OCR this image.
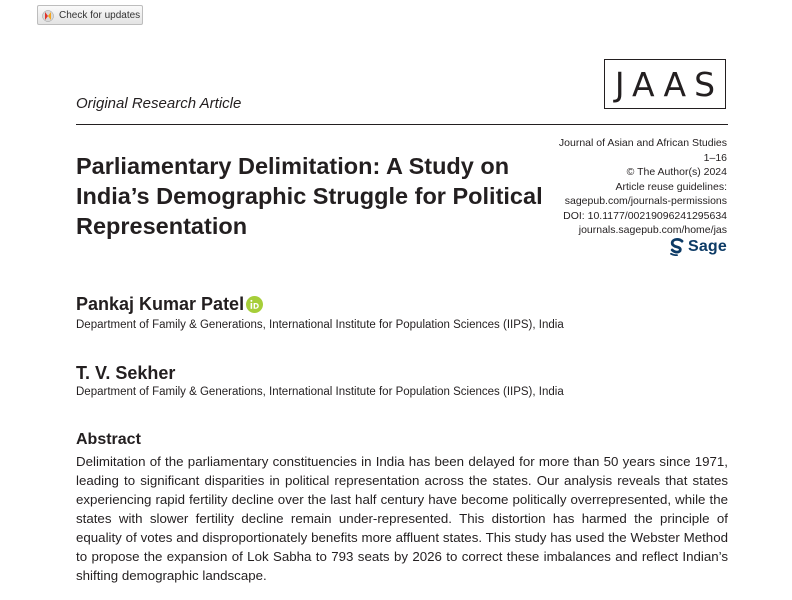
Check for updates
JAAS
Original Research Article
Journal of Asian and African Studies
1–16
© The Author(s) 2024
Article reuse guidelines:
sagepub.com/journals-permissions
DOI: 10.1177/00219096241295634
journals.sagepub.com/home/jas
Sage
Parliamentary Delimitation: A Study on India’s Demographic Struggle for Political Representation
Pankaj Kumar Patel
Department of Family & Generations, International Institute for Population Sciences (IIPS), India
T. V. Sekher
Department of Family & Generations, International Institute for Population Sciences (IIPS), India
Abstract
Delimitation of the parliamentary constituencies in India has been delayed for more than 50 years since 1971, leading to significant disparities in political representation across the states. Our analysis reveals that states experiencing rapid fertility decline over the last half century have become politically overrepresented, while the states with slower fertility decline remain under-represented. This distortion has harmed the principle of equality of votes and disproportionately benefits more affluent states. This study has used the Webster Method to propose the expansion of Lok Sabha to 793 seats by 2026 to correct these imbalances and reflect Indian’s shifting demographic landscape.
